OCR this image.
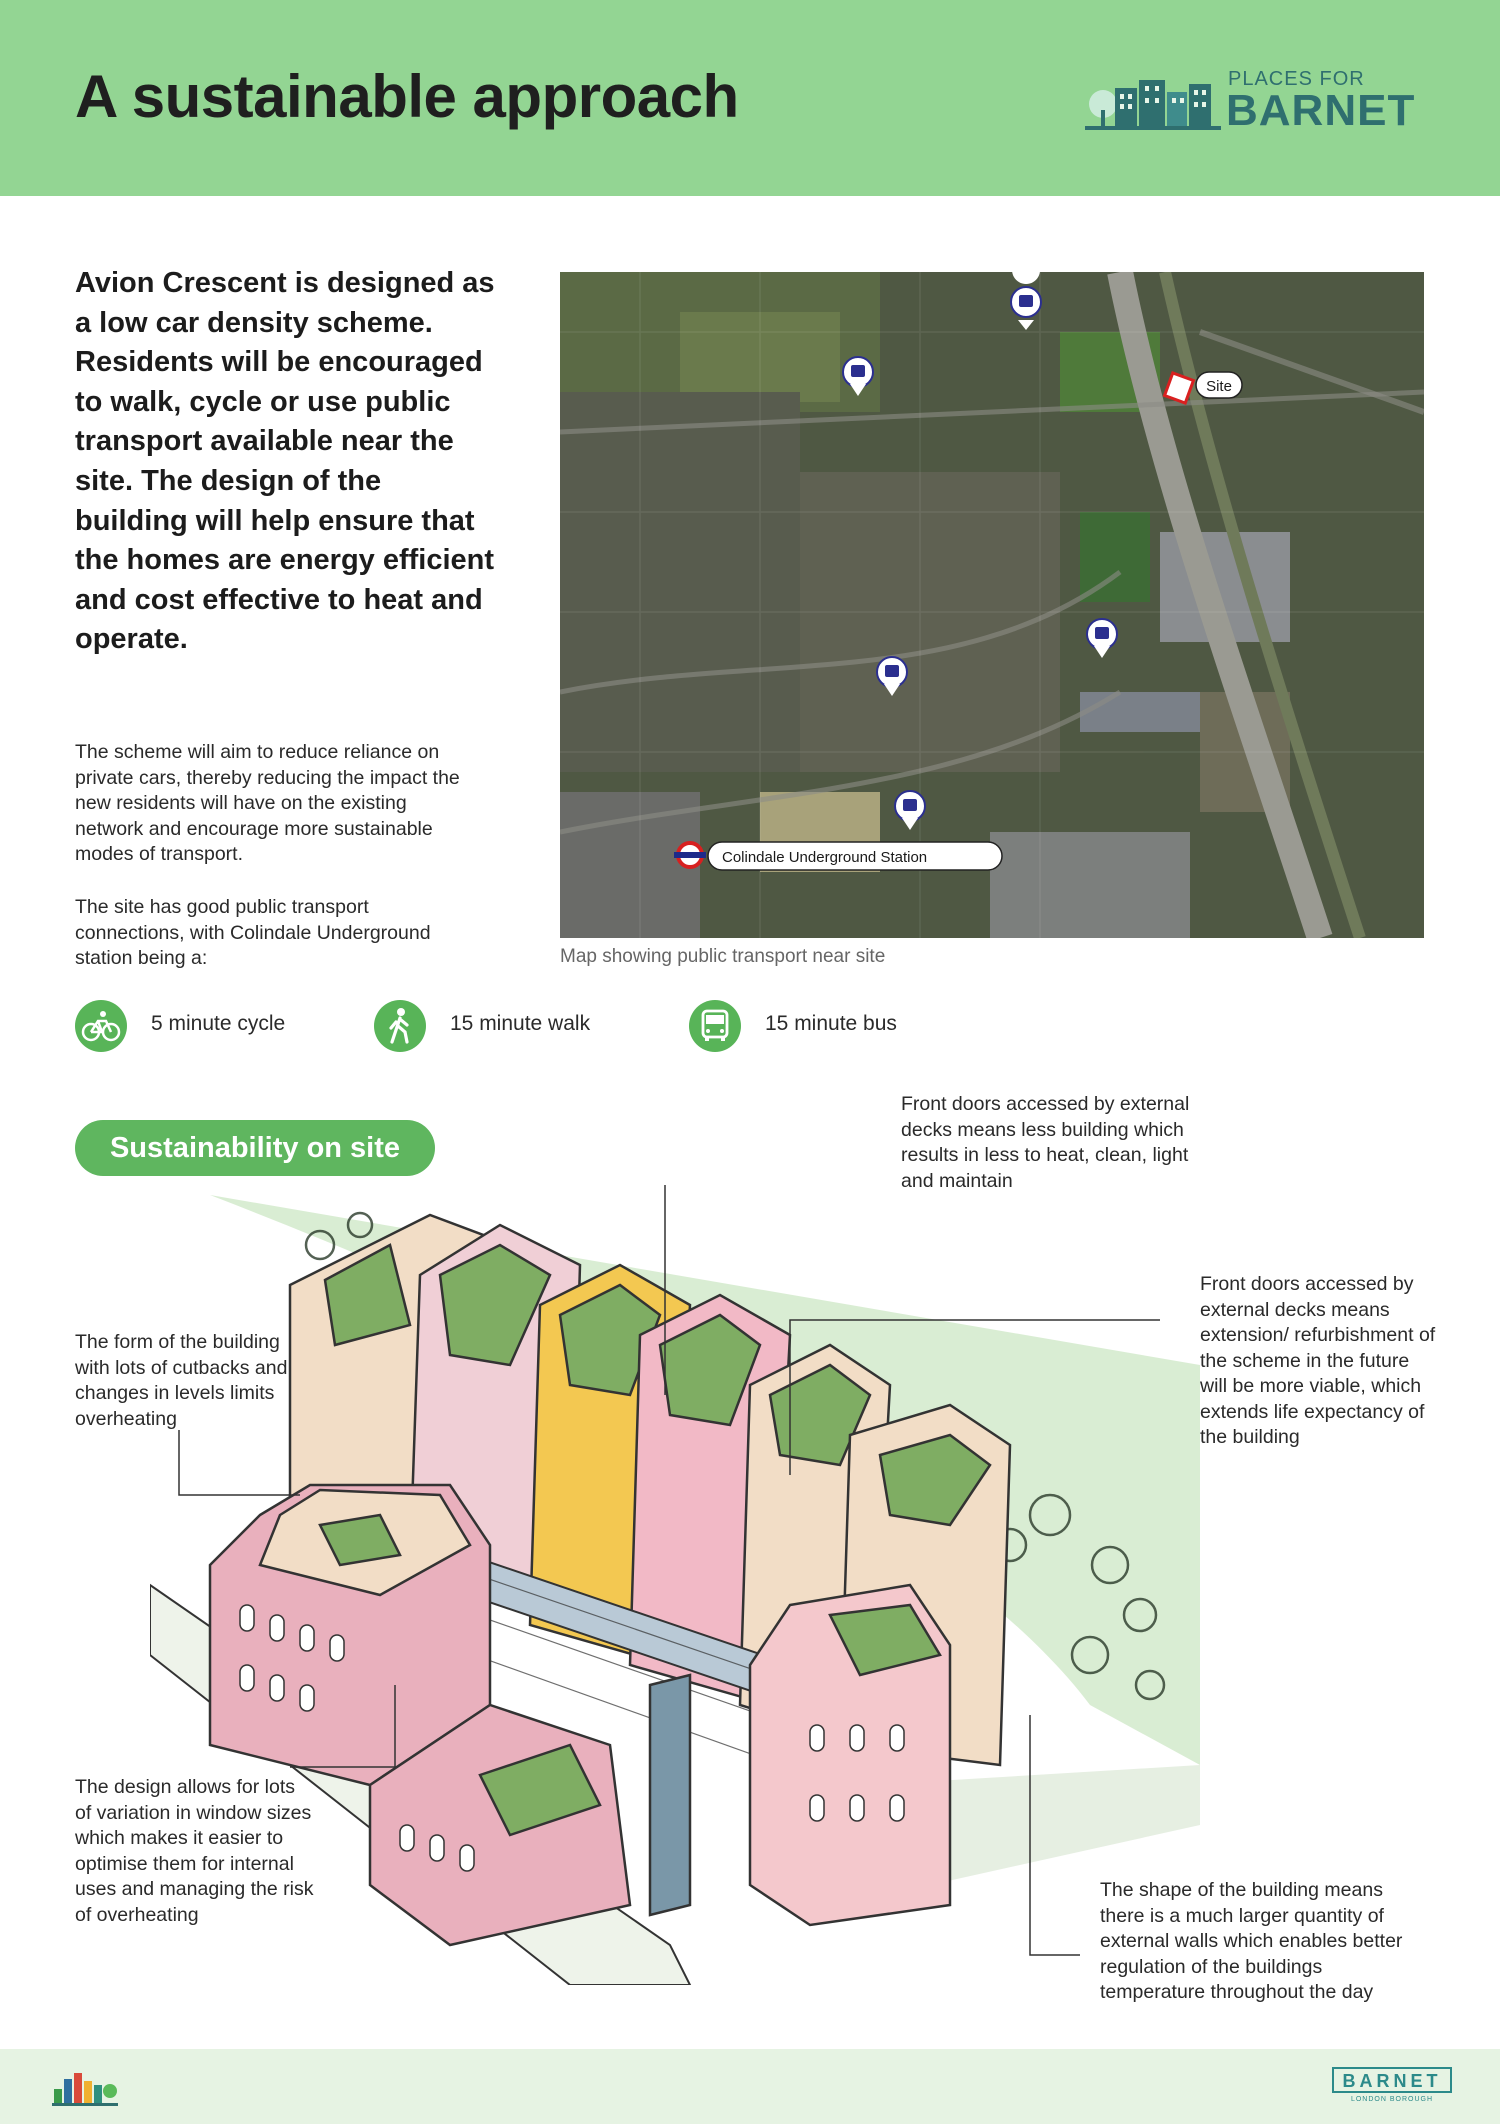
A sustainable approach	PLACES FOR
BARNET
Avion Crescent is designed as a low car density scheme. Residents will be encouraged to walk, cycle or use public transport available near the site. The design of the building will help ensure that the homes are energy efficient and cost effective to heat and operate.
The scheme will aim to reduce reliance on private cars, thereby reducing the impact the new residents will have on the existing network and encourage more sustainable modes of transport.
The site has good public transport connections, with Colindale Underground station being a:
Site
Colindale Underground Station
Map showing public transport near site
5 minute cycle	15 minute walk	15 minute bus
Sustainability on site
Front doors accessed by external decks means less building which results in less to heat, clean, light and maintain
Front doors accessed by external decks means extension/ refurbishment of the scheme in the future will be more viable, which extends life expectancy of the building
The form of the building with lots of cutbacks and changes in levels limits overheating
The design allows for lots of variation in window sizes which makes it easier to optimise them for internal uses and managing the risk of overheating
The shape of the building means there is a much larger quantity of external walls which enables better regulation of the buildings temperature throughout the day
BARNET
LONDON BOROUGH
